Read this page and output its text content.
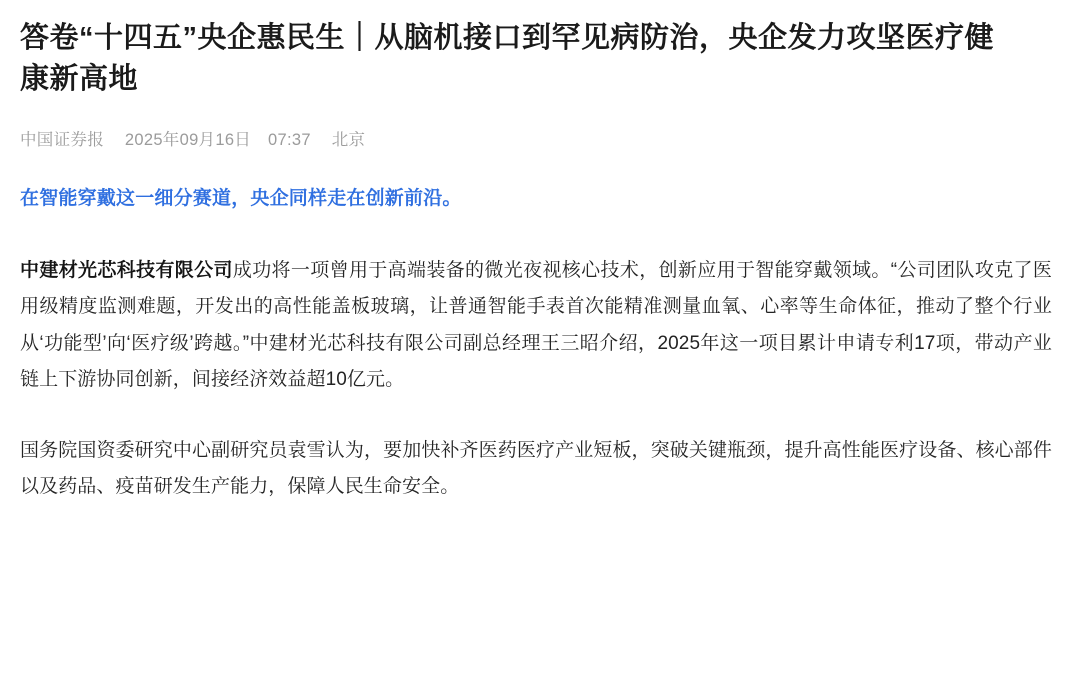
答卷“十四五”央企惠民生｜从脑机接口到罕见病防治，央企发力攻坚医疗健康新高地
中国证券报 2025年09月16日 07:37 北京

在智能穿戴这一细分赛道，央企同样走在创新前沿。

中建材光芯科技有限公司成功将一项曾用于高端装备的微光夜视核心技术，创新应用于智能穿戴领域。“公司团队攻克了医用级精度监测难题，开发出的高性能盖板玻璃，让普通智能手表首次能精准测量血氧、心率等生命体征，推动了整个行业从‘功能型’向‘医疗级’跨越。”中建材光芯科技有限公司副总经理王三昭介绍，2025年这一项目累计申请专利17项，带动产业链上下游协同创新，间接经济效益超10亿元。

国务院国资委研究中心副研究员袁雪认为，要加快补齐医药医疗产业短板，突破关键瓶颈，提升高性能医疗设备、核心部件以及药品、疫苗研发生产能力，保障人民生命安全。
